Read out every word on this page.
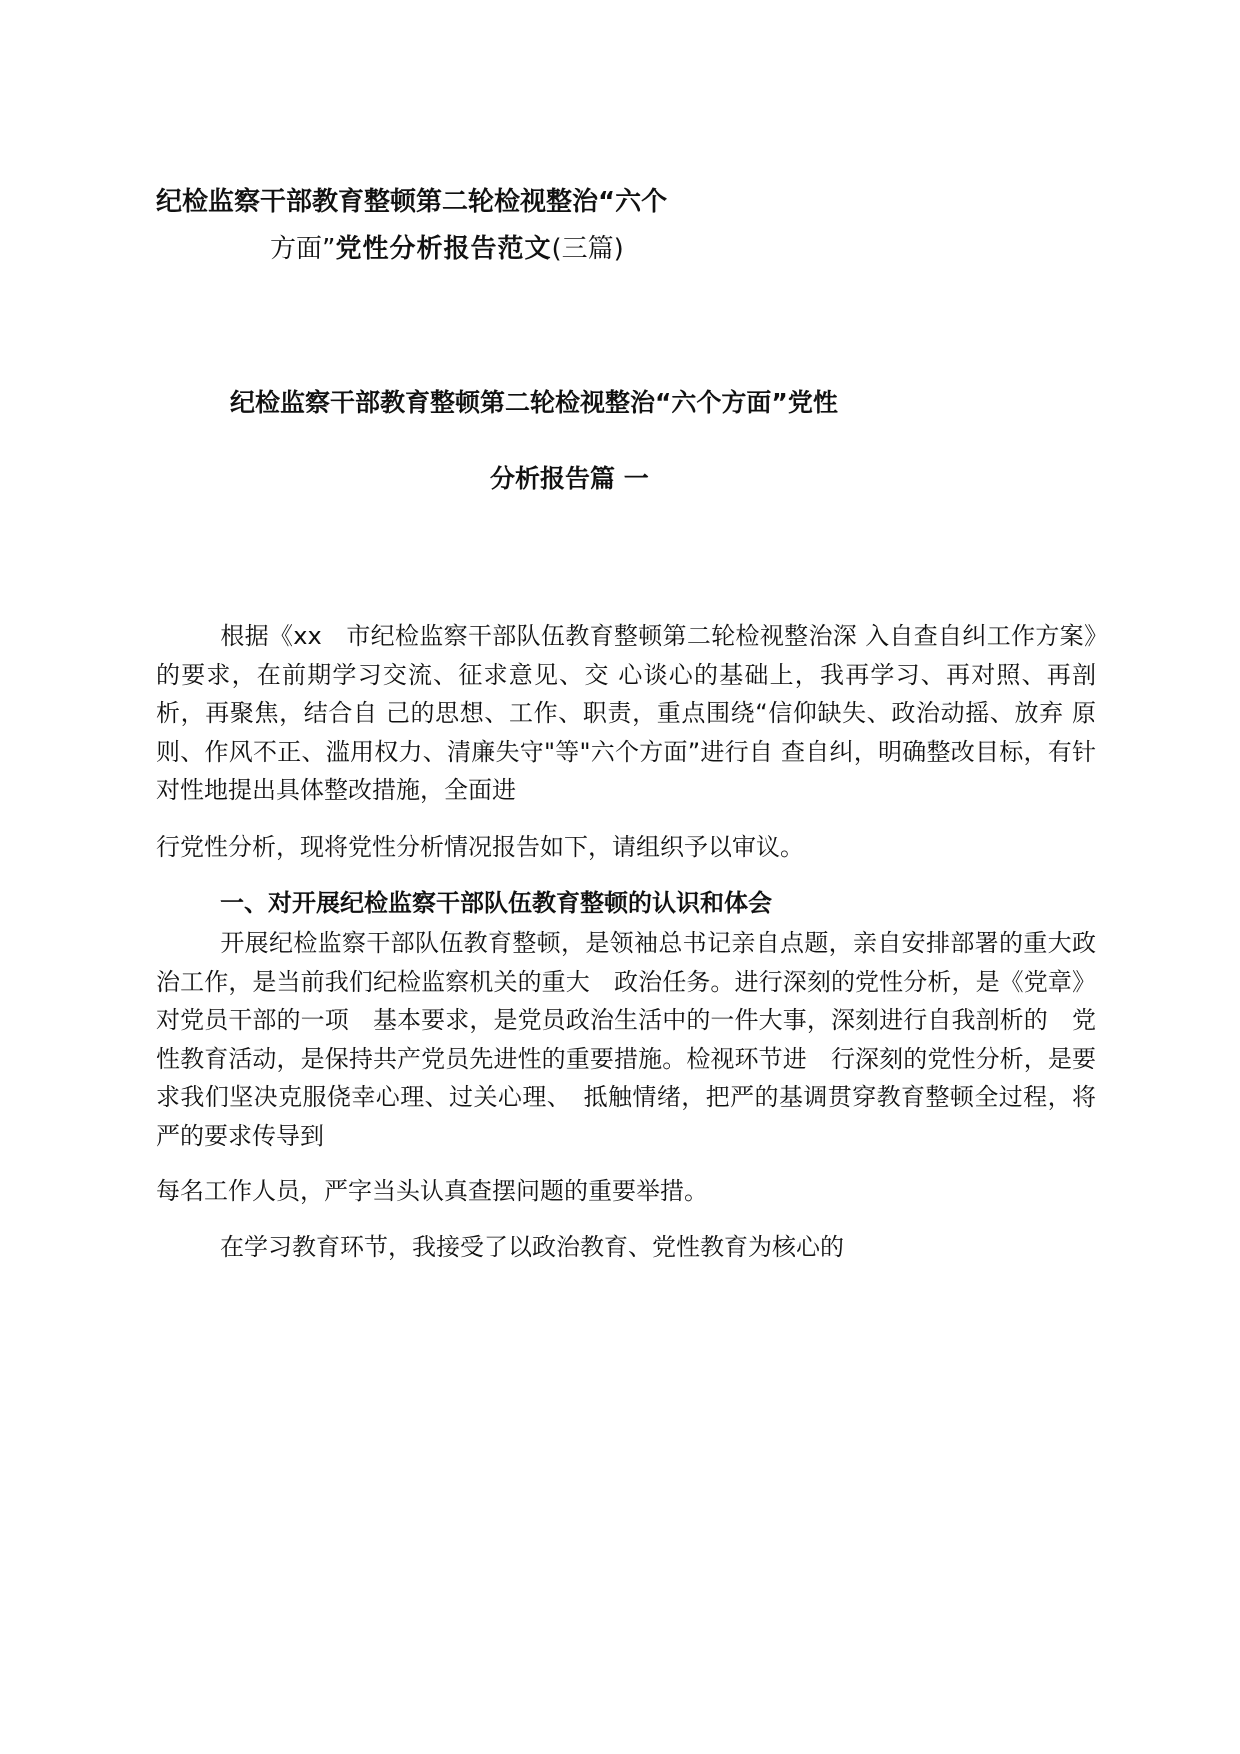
纪检监察干部教育整顿第二轮检视整治“六个
方面”党性分析报告范文(三篇)
纪检监察干部教育整顿第二轮检视整治“六个方面”党性
分析报告篇 一
根据《xx　市纪检监察干部队伍教育整顿第二轮检视整治深 入自查自纠工作方案》的要求，在前期学习交流、征求意见、交 心谈心的基础上，我再学习、再对照、再剖析，再聚焦，结合自 己的思想、工作、职责，重点围绕“信仰缺失、政治动摇、放弃 原则、作风不正、滥用权力、清廉失守"等"六个方面”进行自 查自纠，明确整改目标，有针对性地提出具体整改措施，全面进
行党性分析，现将党性分析情况报告如下，请组织予以审议。
一、对开展纪检监察干部队伍教育整顿的认识和体会
开展纪检监察干部队伍教育整顿，是领袖总书记亲自点题，亲自安排部署的重大政治工作，是当前我们纪检监察机关的重大　政治任务。进行深刻的党性分析，是《党章》对党员干部的一项　基本要求，是党员政治生活中的一件大事，深刻进行自我剖析的　党性教育活动，是保持共产党员先进性的重要措施。检视环节进　行深刻的党性分析，是要求我们坚决克服侥幸心理、过关心理、　抵触情绪，把严的基调贯穿教育整顿全过程，将严的要求传导到
每名工作人员，严字当头认真查摆问题的重要举措。
在学习教育环节，我接受了以政治教育、党性教育为核心的
